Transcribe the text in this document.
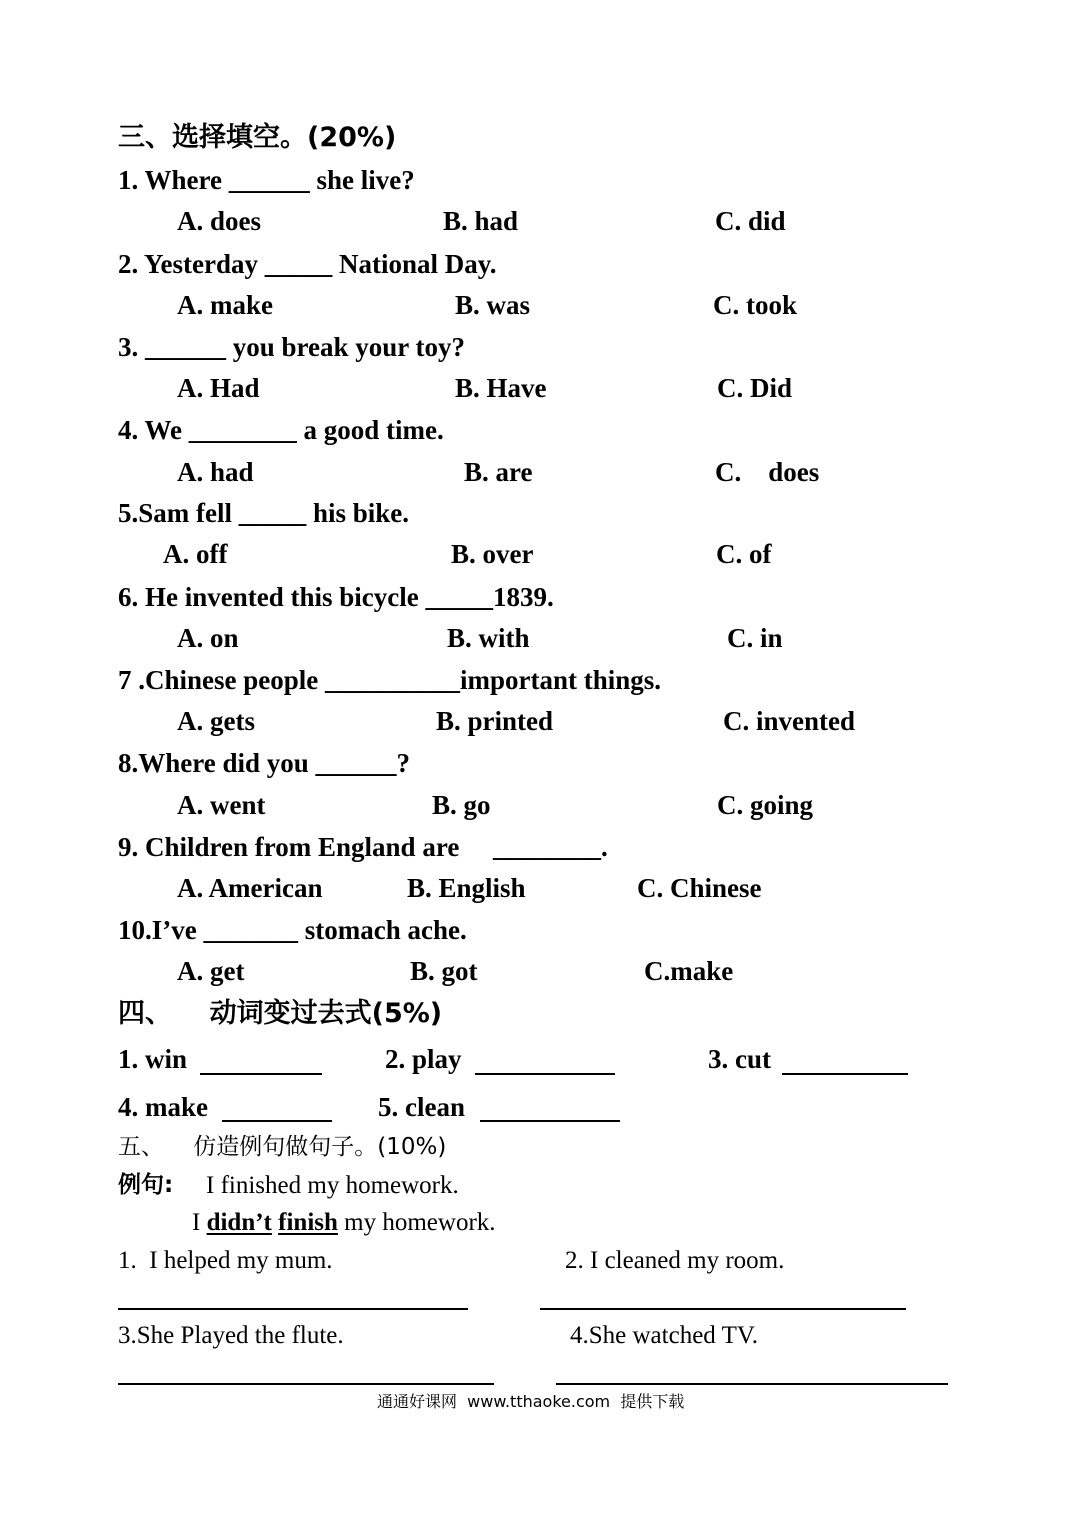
三、选择填空。(20%)
1. Where ______ she live?
A. does	B. had	C. did
2. Yesterday _____ National Day.
A. make	B. was	C. took
3. ______ you break your toy?
A. Had	B. Have	C. Did
4. We ________ a good time.
A. had	B. are	C.    does
5.Sam fell _____ his bike.
A. off	B. over	C. of
6. He invented this bicycle _____1839.
A. on	B. with	C. in
7 .Chinese people __________important things.
A. gets	B. printed	C. invented
8.Where did you ______?
A. went	B. go	C. going
9. Children from England are     ________.
A. American	B. English	C. Chinese
10.I’ve _______ stomach ache.
A. get	B. got	C.make
四、    动词变过去式(5%)
1. win	2. play	3. cut
4. make	5. clean
五、    仿造例句做句子。(10%)
例句: I finished my homework.
I didn’t finish my homework.
1.  I helped my mum.	2. I cleaned my room.
3.She Played the flute.	4.She watched TV.
通通好课网  www.tthaoke.com  提供下载
